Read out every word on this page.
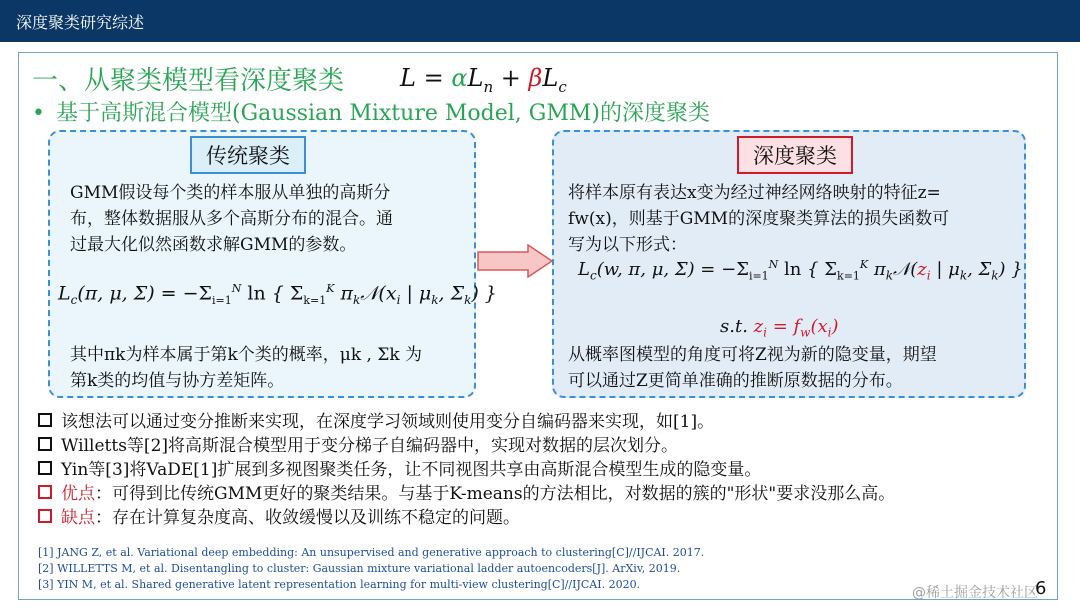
深度聚类研究综述
一、从聚类模型看深度聚类 $L = \alpha L_n + \beta L_c$
• 基于高斯混合模型(Gaussian Mixture Model, GMM)的深度聚类
传统聚类
GMM假设每个类的样本服从单独的高斯分
布，整体数据服从多个高斯分布的混合。通
过最大化似然函数求解GMM的参数。
$L_c(\pi$, μ, $\Sigma) = -\Sigma_{i=1}^N$ ln { $\Sigma_{k=1}^K$ $\pi_k𝒩(x_i$ | $\mu_k$, $\Sigma_k$) }
其中πk为样本属于第k个类的概率，μk , Σk 为
第k类的均值与协方差矩阵。
深度聚类
将样本原有表达x变为经过神经网络映射的特征z=
fw(x)，则基于GMM的深度聚类算法的损失函数可
写为以下形式：
$L_c(w$, π, μ, $\Sigma) = -\Sigma_{i=1}^N$ ln { $\Sigma_{k=1}^K$ $\pi_k𝒩(z_i$ | $\mu_k$, $\Sigma_k$) }
s.t. $z_i = f_w(x_i)$
从概率图模型的角度可将Z视为新的隐变量，期望
可以通过Z更简单准确的推断原数据的分布。
该想法可以通过变分推断来实现，在深度学习领域则使用变分自编码器来实现，如[1]。
Willetts等[2]将高斯混合模型用于变分梯子自编码器中，实现对数据的层次划分。
Yin等[3]将VaDE[1]扩展到多视图聚类任务，让不同视图共享由高斯混合模型生成的隐变量。
优点：可得到比传统GMM更好的聚类结果。与基于K-means的方法相比，对数据的簇的"形状"要求没那么高。
缺点：存在计算复杂度高、收敛缓慢以及训练不稳定的问题。
[1] JANG Z, et al. Variational deep embedding: An unsupervised and generative approach to clustering[C]//IJCAI. 2017.
[2] WILLETTS M, et al. Disentangling to cluster: Gaussian mixture variational ladder autoencoders[J]. ArXiv, 2019.
[3] YIN M, et al. Shared generative latent representation learning for multi-view clustering[C]//IJCAI. 2020.
@稀土掘金技术社区
6
